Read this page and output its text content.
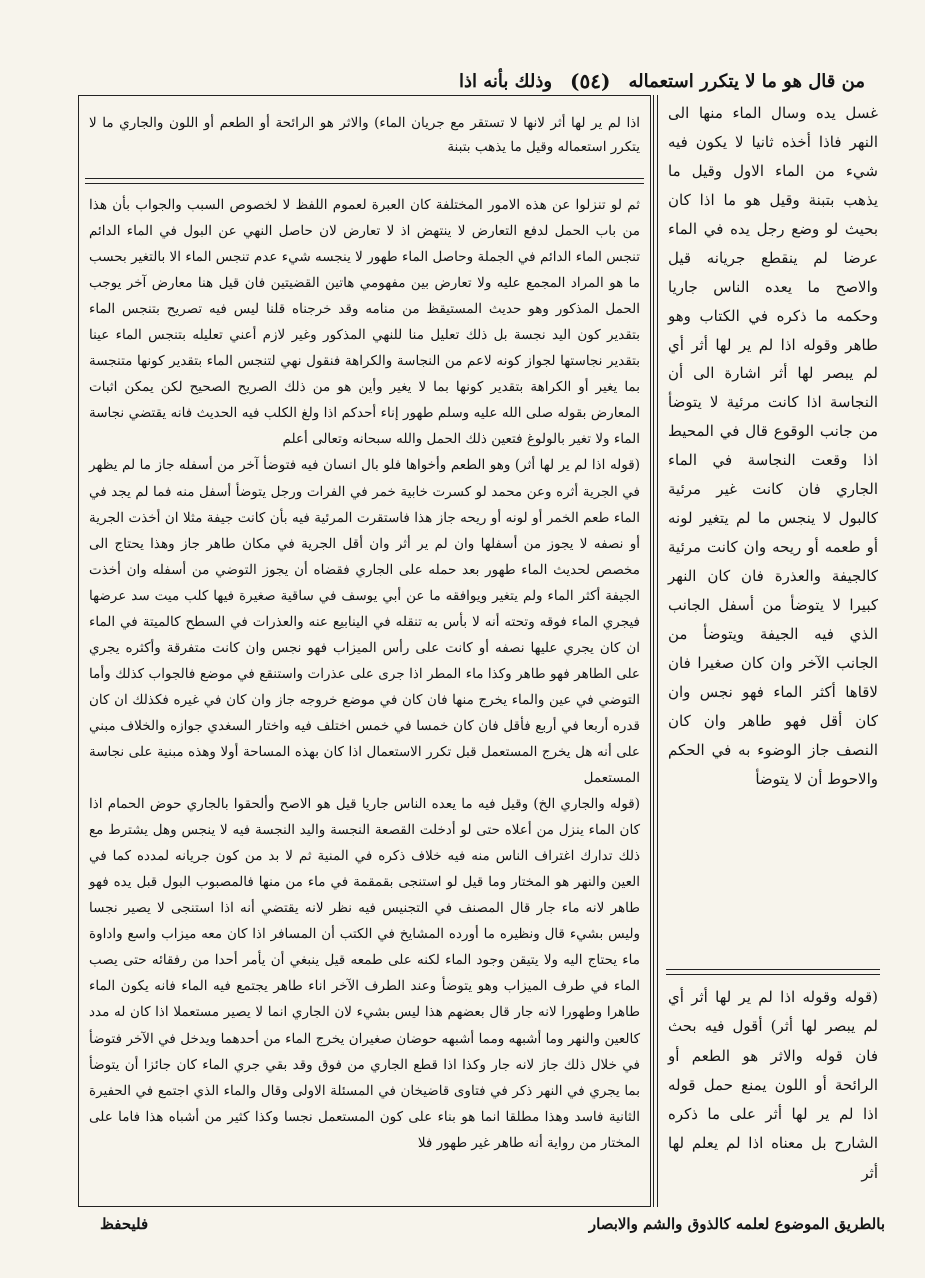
من قال هو ما لا يتكرر استعماله
(٥٤)
وذلك بأنه اذا
اذا لم ير لها أثر لانها لا تستقر مع جريان الماء) والاثر هو الرائحة أو الطعم أو اللون والجاري ما لا يتكرر استعماله وقيل ما يذهب بتبنة

ثم لو تنزلوا عن هذه الامور المختلفة كان العبرة لعموم اللفظ لا لخصوص السبب والجواب بأن هذا من باب الحمل لدفع التعارض لا ينتهض اذ لا تعارض لان حاصل النهي عن البول في الماء الدائم تنجس الماء الدائم في الجملة وحاصل الماء طهور لا ينجسه شيء عدم تنجس الماء الا بالتغير بحسب ما هو المراد المجمع عليه ولا تعارض بين مفهومي هاتين القضيتين فان قيل هنا معارض آخر يوجب الحمل المذكور وهو حديث المستيقظ من منامه وقد خرجناه قلنا ليس فيه تصريح بتنجس الماء بتقدير كون اليد نجسة بل ذلك تعليل منا للنهي المذكور وغير لازم أعني تعليله بتنجس الماء عينا بتقدير نجاستها لجواز كونه لاعم من النجاسة والكراهة فنقول نهي لتنجس الماء بتقدير كونها متنجسة بما يغير أو الكراهة بتقدير كونها بما لا يغير وأين هو من ذلك الصريح الصحيح لكن يمكن اثبات المعارض بقوله صلى الله عليه وسلم طهور إناء أحدكم اذا ولغ الكلب فيه الحديث فانه يقتضي نجاسة الماء ولا تغير بالولوغ فتعين ذلك الحمل والله سبحانه وتعالى أعلم

(قوله اذا لم ير لها أثر) وهو الطعم وأخواها فلو بال انسان فيه فتوضأ آخر من أسفله جاز ما لم يظهر في الجرية أثره وعن محمد لو كسرت خابية خمر في الفرات ورجل يتوضأ أسفل منه فما لم يجد في الماء طعم الخمر أو لونه أو ريحه جاز هذا فاستقرت المرئية فيه بأن كانت جيفة مثلا ان أخذت الجرية أو نصفه لا يجوز من أسفلها وان لم ير أثر وان أقل الجرية في مكان طاهر جاز وهذا يحتاج الى مخصص لحديث الماء طهور بعد حمله على الجاري فقضاه أن يجوز التوضي من أسفله وان أخذت الجيفة أكثر الماء ولم يتغير ويوافقه ما عن أبي يوسف في ساقية صغيرة فيها كلب ميت سد عرضها فيجري الماء فوقه وتحته أنه لا بأس به تنقله في الينابيع عنه والعذرات في السطح كالميتة في الماء ان كان يجري عليها نصفه أو كانت على رأس الميزاب فهو نجس وان كانت متفرقة وأكثره يجري على الطاهر فهو طاهر وكذا ماء المطر اذا جرى على عذرات واستنقع في موضع فالجواب كذلك وأما التوضي في عين والماء يخرج منها فان كان في موضع خروجه جاز وان كان في غيره فكذلك ان كان قدره أربعا في أربع فأقل فان كان خمسا في خمس اختلف فيه واختار السغدي جوازه والخلاف مبني على أنه هل يخرج المستعمل قبل تكرر الاستعمال اذا كان بهذه المساحة أولا وهذه مبنية على نجاسة المستعمل

(قوله والجاري الخ) وقيل فيه ما يعده الناس جاريا قيل هو الاصح وألحقوا بالجاري حوض الحمام اذا كان الماء ينزل من أعلاه حتى لو أدخلت القصعة النجسة واليد النجسة فيه لا ينجس وهل يشترط مع ذلك تدارك اغتراف الناس منه فيه خلاف ذكره في المنية ثم لا بد من كون جريانه لمدده كما في العين والنهر هو المختار وما قيل لو استنجى بقمقمة في ماء من منها فالمصبوب البول قبل يده فهو طاهر لانه ماء جار قال المصنف في التجنيس فيه نظر لانه يقتضي أنه اذا استنجى لا يصير نجسا وليس بشيء قال ونظيره ما أورده المشايخ في الكتب أن المسافر اذا كان معه ميزاب واسع واداوة ماء يحتاج اليه ولا يتيقن وجود الماء لكنه على طمعه قيل ينبغي أن يأمر أحدا من رفقائه حتى يصب الماء في طرف الميزاب وهو يتوضأ وعند الطرف الآخر اناء طاهر يجتمع فيه الماء فانه يكون الماء طاهرا وطهورا لانه جار قال بعضهم هذا ليس بشيء لان الجاري انما لا يصير مستعملا اذا كان له مدد كالعين والنهر وما أشبهه ومما أشبهه حوضان صغيران يخرج الماء من أحدهما ويدخل في الآخر فتوضأ في خلال ذلك جاز لانه جار وكذا اذا قطع الجاري من فوق وقد بقي جري الماء كان جائزا أن يتوضأ بما يجري في النهر ذكر في فتاوى قاضيخان في المسئلة الاولى وقال والماء الذي اجتمع في الحفيرة الثانية فاسد وهذا مطلقا انما هو بناء على كون المستعمل نجسا وكذا كثير من أشباه هذا فاما على المختار من رواية أنه طاهر غير طهور فلا

غسل يده وسال الماء منها الى النهر فاذا أخذه ثانيا لا يكون فيه شيء من الماء الاول وقيل ما يذهب بتبنة وقيل هو ما اذا كان بحيث لو وضع رجل يده في الماء عرضا لم ينقطع جريانه قيل والاصح ما يعده الناس جاريا وحكمه ما ذكره في الكتاب وهو طاهر وقوله اذا لم ير لها أثر أي لم يبصر لها أثر اشارة الى أن النجاسة اذا كانت مرئية لا يتوضأ من جانب الوقوع قال في المحيط اذا وقعت النجاسة في الماء الجاري فان كانت غير مرئية كالبول لا ينجس ما لم يتغير لونه أو طعمه أو ريحه وان كانت مرئية كالجيفة والعذرة فان كان النهر كبيرا لا يتوضأ من أسفل الجانب الذي فيه الجيفة ويتوضأ من الجانب الآخر وان كان صغيرا فان لاقاها أكثر الماء فهو نجس وان كان أقل فهو طاهر وان كان النصف جاز الوضوء به في الحكم والاحوط أن لا يتوضأ
(قوله وقوله اذا لم ير لها أثر أي لم يبصر لها أثر) أقول فيه بحث فان قوله والاثر هو الطعم أو الرائحة أو اللون يمنع حمل قوله اذا لم ير لها أثر على ما ذكره الشارح بل معناه اذا لم يعلم لها أثر
بالطريق الموضوع لعلمه كالذوق والشم والابصار
فليحفظ
